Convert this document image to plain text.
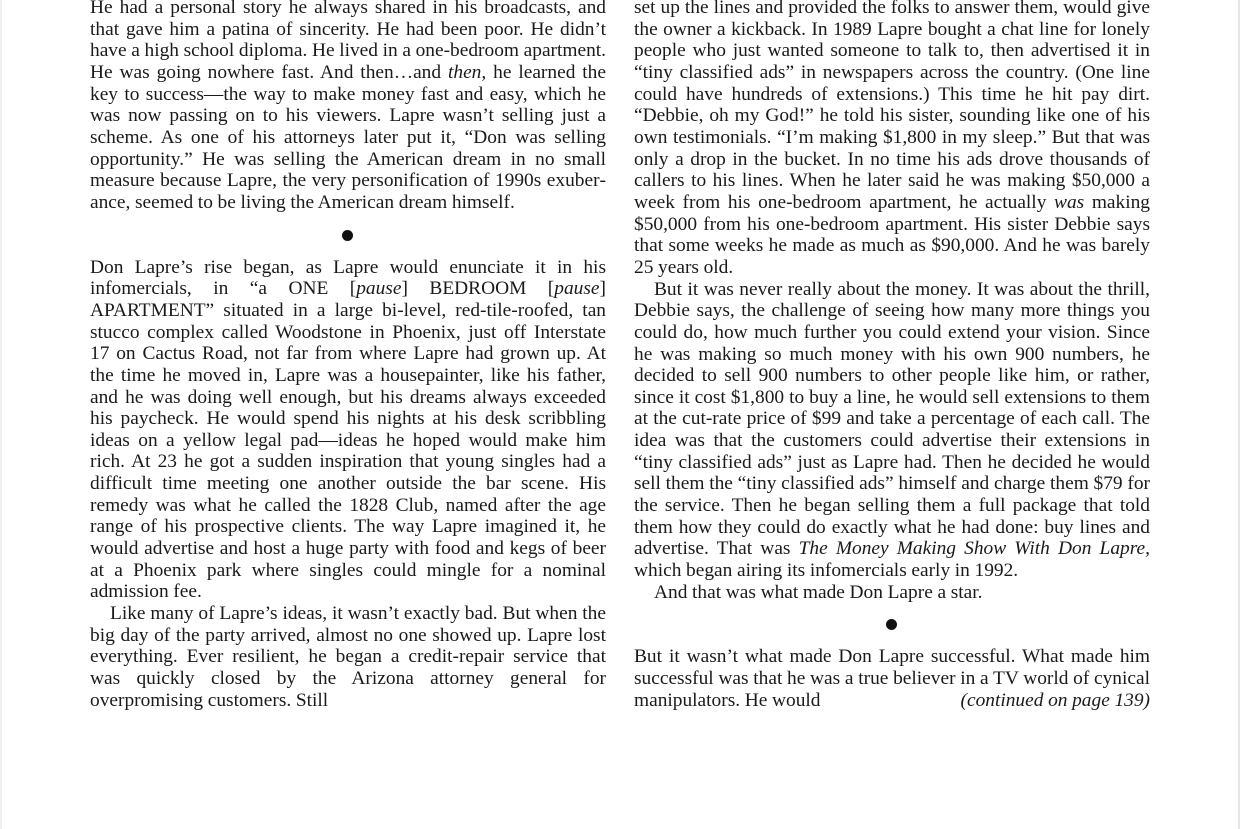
He had a personal story he always shared in his broadcasts, and that gave him a patina of sincerity. He had been poor. He didn’t have a high school diploma. He lived in a one-bedroom apartment. He was going nowhere fast. And then…and then, he learned the key to success—the way to make money fast and easy, which he was now passing on to his viewers. Lapre wasn’t selling just a scheme. As one of his attorneys later put it, “Don was selling opportunity.” He was selling the American dream in no small measure because Lapre, the very personification of 1990s exuberance, seemed to be living the American dream himself.

Don Lapre’s rise began, as Lapre would enunciate it in his infomercials, in “a ONE [pause] BEDROOM [pause] APARTMENT” situated in a large bi-level, red-tile-roofed, tan stucco complex called Woodstone in Phoenix, just off Interstate 17 on Cactus Road, not far from where Lapre had grown up. At the time he moved in, Lapre was a housepainter, like his father, and he was doing well enough, but his dreams always exceeded his paycheck. He would spend his nights at his desk scribbling ideas on a yellow legal pad—ideas he hoped would make him rich. At 23 he got a sudden inspiration that young singles had a difficult time meeting one another outside the bar scene. His remedy was what he called the 1828 Club, named after the age range of his prospective clients. The way Lapre imagined it, he would advertise and host a huge party with food and kegs of beer at a Phoenix park where singles could mingle for a nominal admission fee.

Like many of Lapre’s ideas, it wasn’t exactly bad. But when the big day of the party arrived, almost no one showed up. Lapre lost everything. Ever resilient, he began a credit-repair service that was quickly closed by the Arizona attorney general for overpromising customers. Still

set up the lines and provided the folks to answer them, would give the owner a kickback. In 1989 Lapre bought a chat line for lonely people who just wanted someone to talk to, then advertised it in “tiny classified ads” in newspapers across the country. (One line could have hundreds of extensions.) This time he hit pay dirt. “Debbie, oh my God!” he told his sister, sounding like one of his own testimonials. “I’m making $1,800 in my sleep.” But that was only a drop in the bucket. In no time his ads drove thousands of callers to his lines. When he later said he was making $50,000 a week from his one-bedroom apartment, he actually was making $50,000 from his one-bedroom apartment. His sister Debbie says that some weeks he made as much as $90,000. And he was barely 25 years old.

But it was never really about the money. It was about the thrill, Debbie says, the challenge of seeing how many more things you could do, how much further you could extend your vision. Since he was making so much money with his own 900 numbers, he decided to sell 900 numbers to other people like him, or rather, since it cost $1,800 to buy a line, he would sell extensions to them at the cut-rate price of $99 and take a percentage of each call. The idea was that the customers could advertise their extensions in “tiny classified ads” just as Lapre had. Then he decided he would sell them the “tiny classified ads” himself and charge them $79 for the service. Then he began selling them a full package that told them how they could do exactly what he had done: buy lines and advertise. That was The Money Making Show With Don Lapre, which began airing its infomercials early in 1992.

And that was what made Don Lapre a star.

But it wasn’t what made Don Lapre successful. What made him successful was that he was a true believer in a TV world of cynical manipulators. He would	(continued on page 139)
